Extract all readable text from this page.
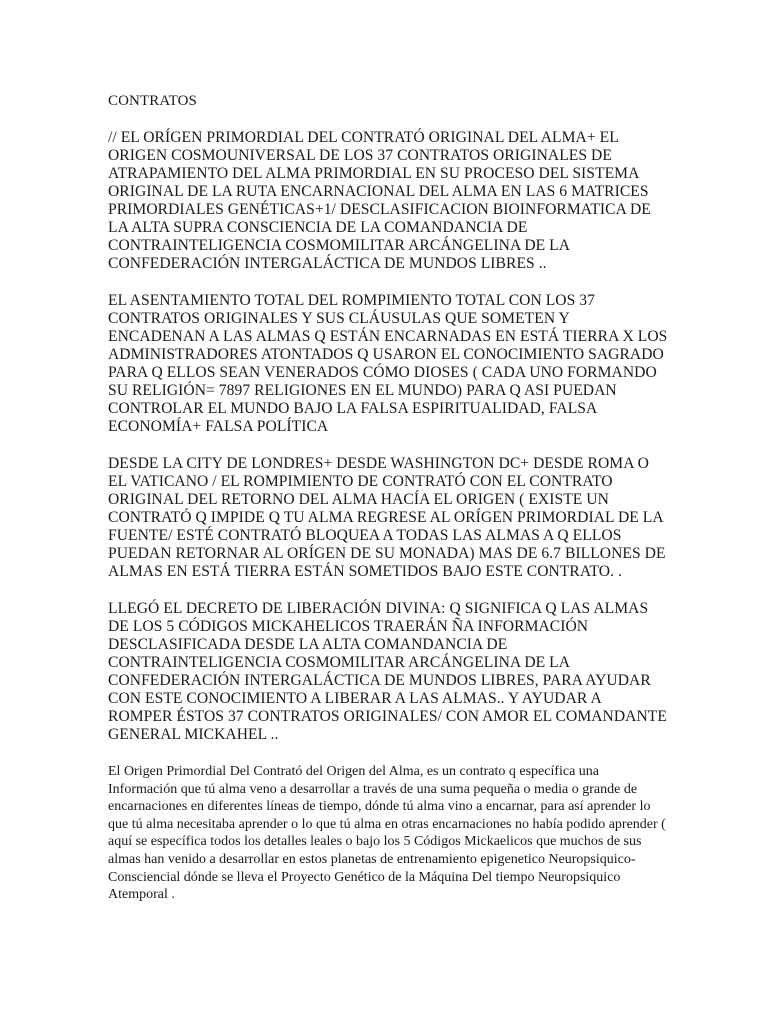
CONTRATOS

// EL ORÍGEN PRIMORDIAL DEL CONTRATÓ ORIGINAL DEL ALMA+ EL ORIGEN COSMOUNIVERSAL DE LOS 37 CONTRATOS ORIGINALES DE ATRAPAMIENTO DEL ALMA PRIMORDIAL EN SU PROCESO DEL SISTEMA ORIGINAL DE LA RUTA ENCARNACIONAL DEL ALMA EN LAS 6 MATRICES PRIMORDIALES GENÉTICAS+1/ DESCLASIFICACION BIOINFORMATICA DE LA ALTA SUPRA CONSCIENCIA DE LA COMANDANCIA DE CONTRAINTELIGENCIA COSMOMILITAR ARCÁNGELINA DE LA CONFEDERACIÓN INTERGALÁCTICA DE MUNDOS LIBRES ..

EL ASENTAMIENTO TOTAL DEL ROMPIMIENTO TOTAL CON LOS 37 CONTRATOS ORIGINALES Y SUS CLÁUSULAS QUE SOMETEN Y ENCADENAN A LAS ALMAS Q ESTÁN ENCARNADAS EN ESTÁ TIERRA X LOS ADMINISTRADORES ATONTADOS Q USARON EL CONOCIMIENTO SAGRADO PARA Q ELLOS SEAN VENERADOS CÓMO DIOSES ( CADA UNO FORMANDO SU RELIGIÓN= 7897 RELIGIONES EN EL MUNDO) PARA Q ASI PUEDAN CONTROLAR EL MUNDO BAJO LA FALSA ESPIRITUALIDAD, FALSA ECONOMÍA+ FALSA POLÍTICA

DESDE LA CITY DE LONDRES+ DESDE WASHINGTON DC+ DESDE ROMA O EL VATICANO / EL ROMPIMIENTO DE CONTRATÓ CON EL CONTRATO ORIGINAL DEL RETORNO DEL ALMA HACÍA EL ORIGEN ( EXISTE UN CONTRATÓ Q IMPIDE Q TU ALMA REGRESE AL ORÍGEN PRIMORDIAL DE LA FUENTE/ ESTÉ CONTRATÓ BLOQUEA A TODAS LAS ALMAS A Q ELLOS PUEDAN RETORNAR AL ORÍGEN DE SU MONADA) MAS DE 6.7 BILLONES DE ALMAS EN ESTÁ TIERRA ESTÁN SOMETIDOS BAJO ESTE CONTRATO. .

LLEGÓ EL DECRETO DE LIBERACIÓN DIVINA: Q SIGNIFICA Q LAS ALMAS DE LOS 5 CÓDIGOS MICKAHELICOS TRAERÁN ÑA INFORMACIÓN DESCLASIFICADA DESDE LA ALTA COMANDANCIA DE CONTRAINTELIGENCIA COSMOMILITAR ARCÁNGELINA DE LA CONFEDERACIÓN INTERGALÁCTICA DE MUNDOS LIBRES, PARA AYUDAR CON ESTE CONOCIMIENTO A LIBERAR A LAS ALMAS.. Y AYUDAR A ROMPER ÉSTOS 37 CONTRATOS ORIGINALES/ CON AMOR EL COMANDANTE GENERAL MICKAHEL ..

El Origen Primordial Del Contrató del Origen del Alma, es un contrato q específica una Información que tú alma veno a desarrollar a través de una suma pequeña o media o grande de encarnaciones en diferentes líneas de tiempo, dónde tú alma vino a encarnar, para así aprender lo que tú alma necesitaba aprender o lo que tú alma en otras encarnaciones no había podido aprender ( aquí se específica todos los detalles leales o bajo los 5 Códigos Mickaelicos que muchos de sus almas han venido a desarrollar en estos planetas de entrenamiento epigenetico Neuropsiquico-Consciencial dónde se lleva el Proyecto Genético de la Máquina Del tiempo Neuropsiquico Atemporal .
